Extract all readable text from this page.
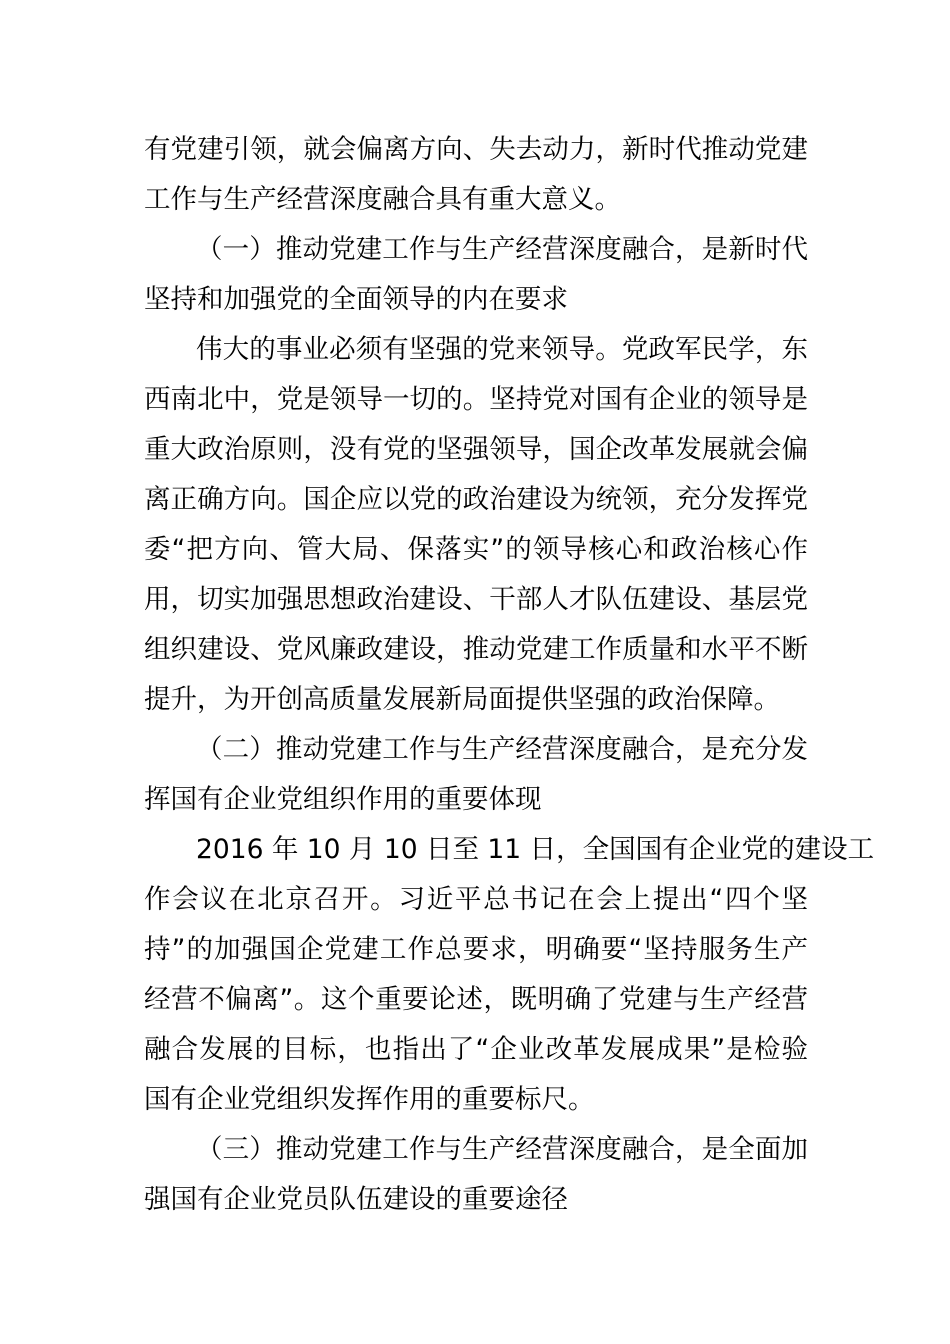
有党建引领，就会偏离方向、失去动力，新时代推动党建
工作与生产经营深度融合具有重大意义。
（一）推动党建工作与生产经营深度融合，是新时代
坚持和加强党的全面领导的内在要求
伟大的事业必须有坚强的党来领导。党政军民学，东
西南北中，党是领导一切的。坚持党对国有企业的领导是
重大政治原则，没有党的坚强领导，国企改革发展就会偏
离正确方向。国企应以党的政治建设为统领，充分发挥党
委“把方向、管大局、保落实”的领导核心和政治核心作
用，切实加强思想政治建设、干部人才队伍建设、基层党
组织建设、党风廉政建设，推动党建工作质量和水平不断
提升，为开创高质量发展新局面提供坚强的政治保障。
（二）推动党建工作与生产经营深度融合，是充分发
挥国有企业党组织作用的重要体现
2016 年 10 月 10 日至 11 日，全国国有企业党的建设工
作会议在北京召开。习近平总书记在会上提出“四个坚
持”的加强国企党建工作总要求，明确要“坚持服务生产
经营不偏离”。这个重要论述，既明确了党建与生产经营
融合发展的目标，也指出了“企业改革发展成果”是检验
国有企业党组织发挥作用的重要标尺。
（三）推动党建工作与生产经营深度融合，是全面加
强国有企业党员队伍建设的重要途径
